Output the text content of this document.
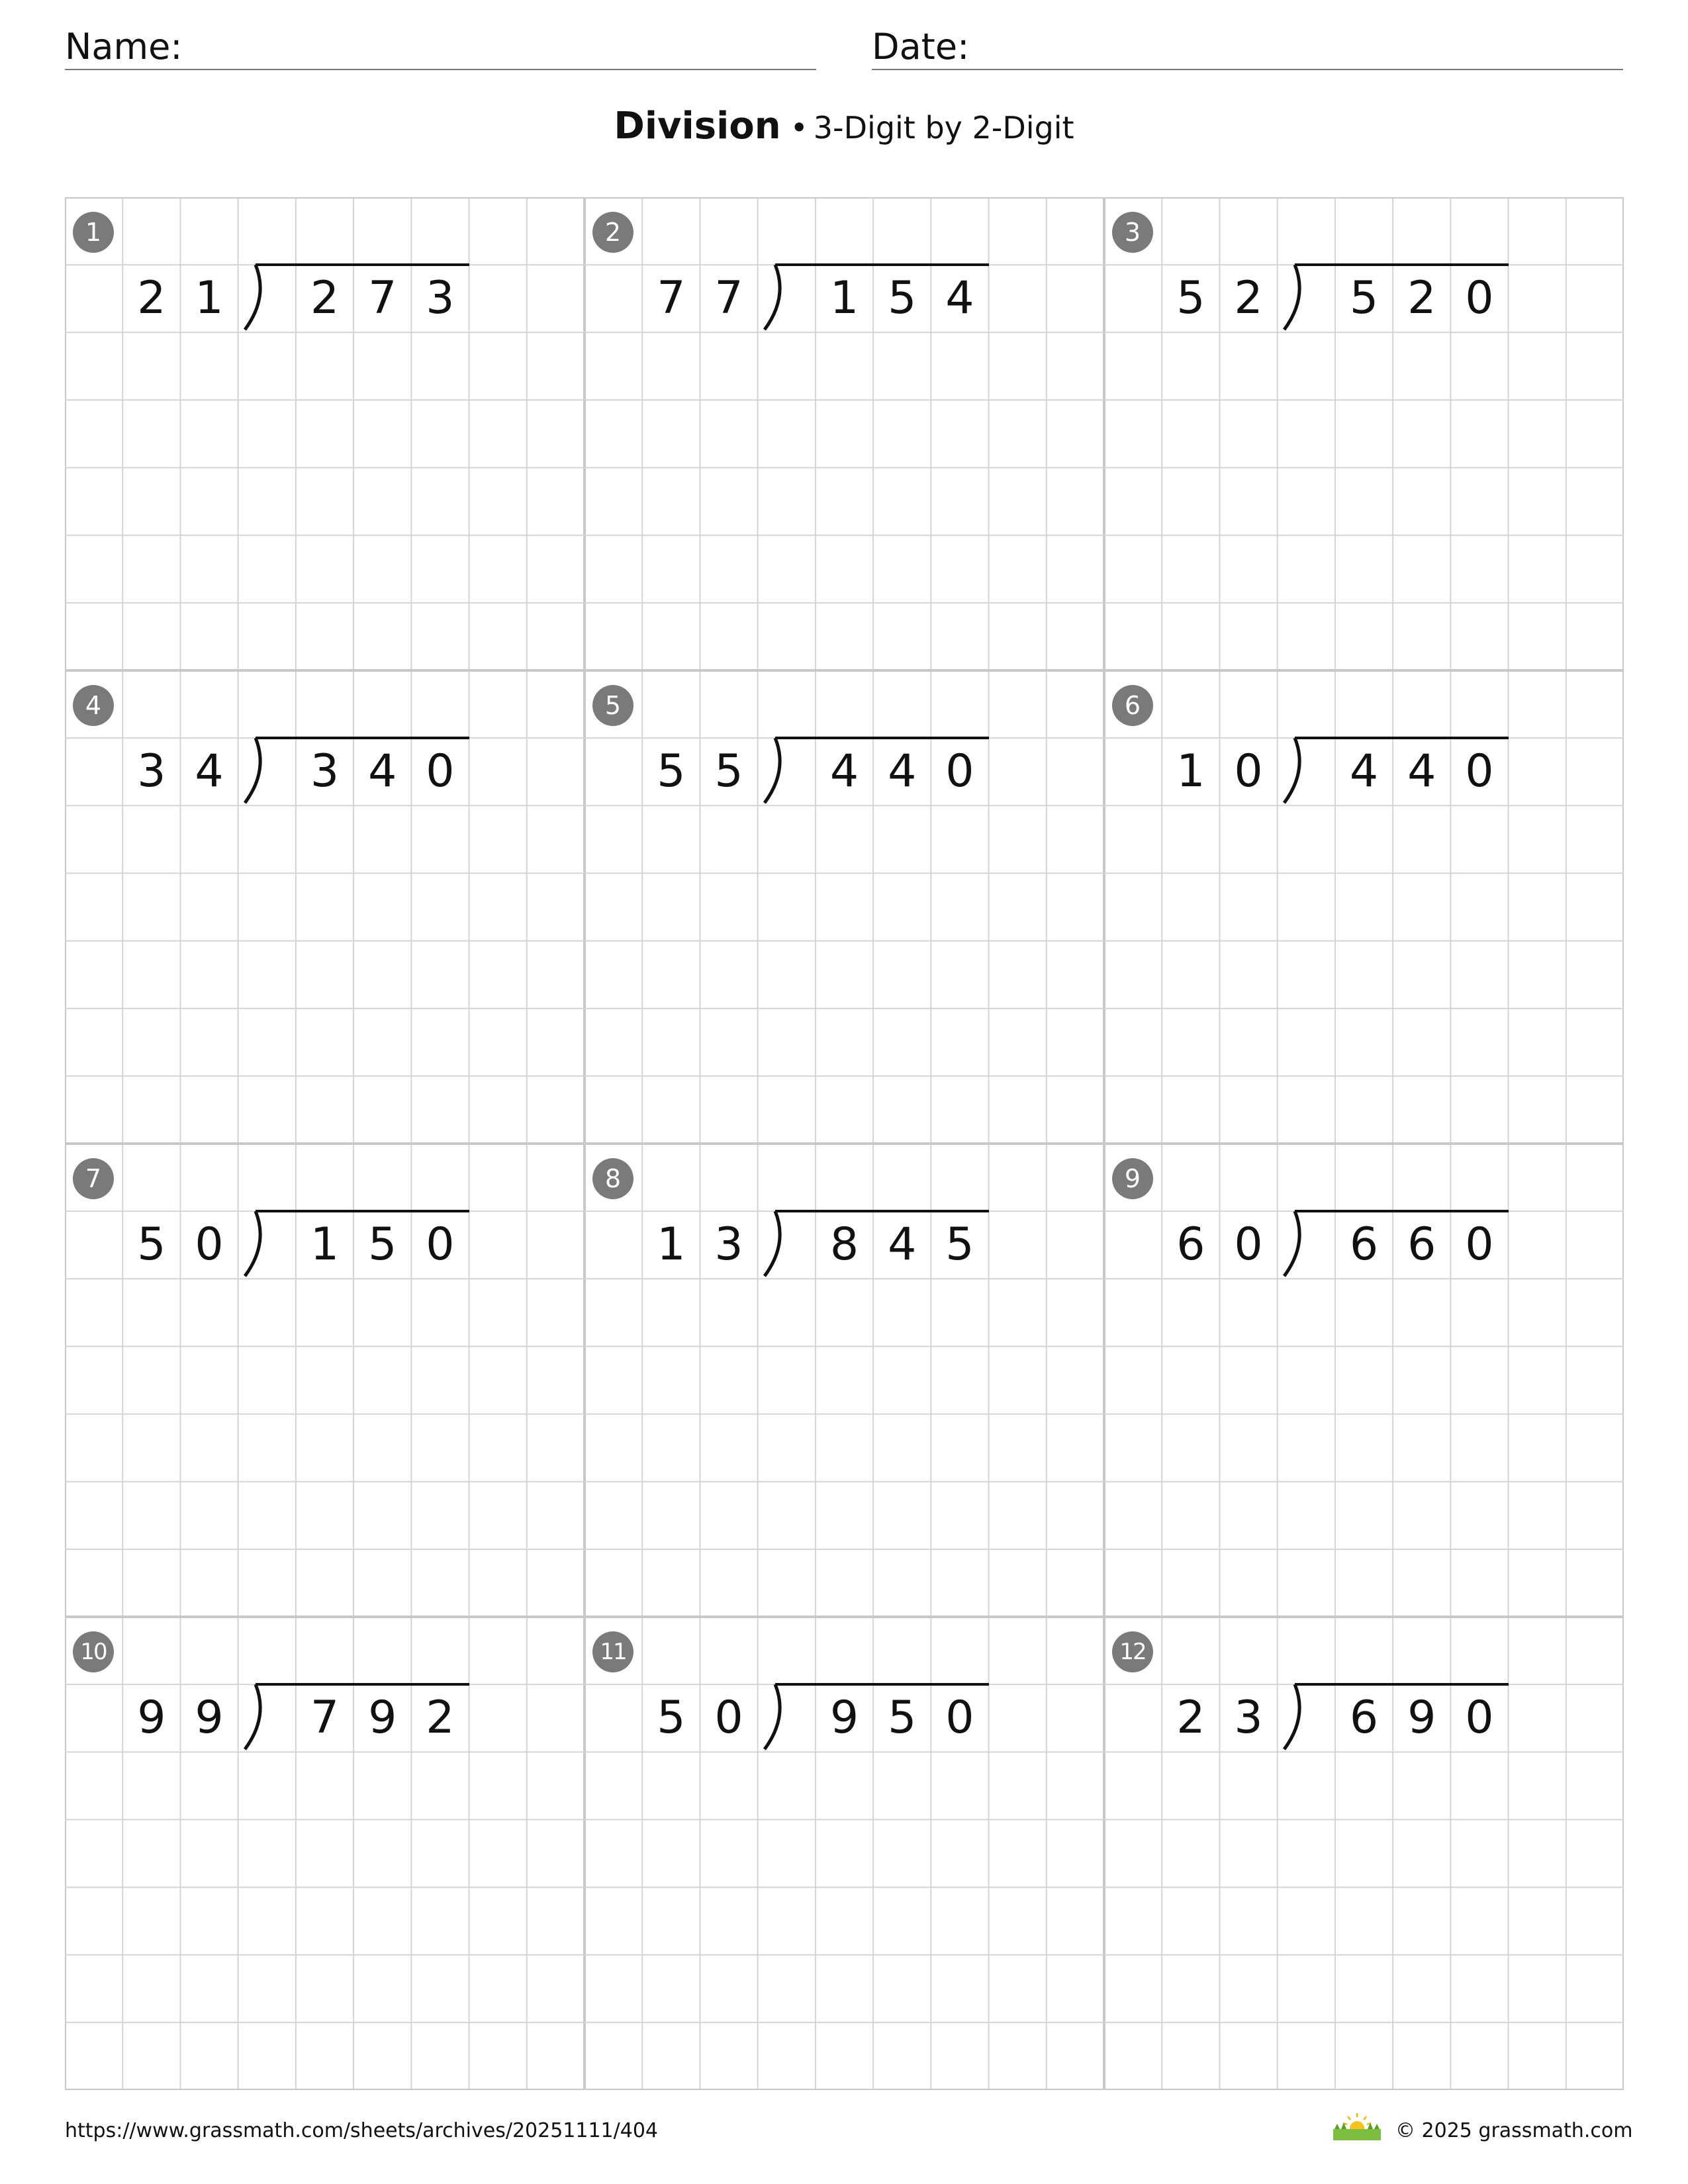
Name:	Date:
Division • 3-Digit by 2-Digit
1
2 1	2 7 3
2
7 7	1 5 4
3
5 2	5 2 0
4
3 4	3 4 0
5
5 5	4 4 0
6
1 0	4 4 0
7
5 0	1 5 0
8
1 3	8 4 5
9
6 0	6 6 0
10
9 9	7 9 2
11
5 0	9 5 0
12
2 3	6 9 0
https://www.grassmath.com/sheets/archives/20251111/404	© 2025 grassmath.com
